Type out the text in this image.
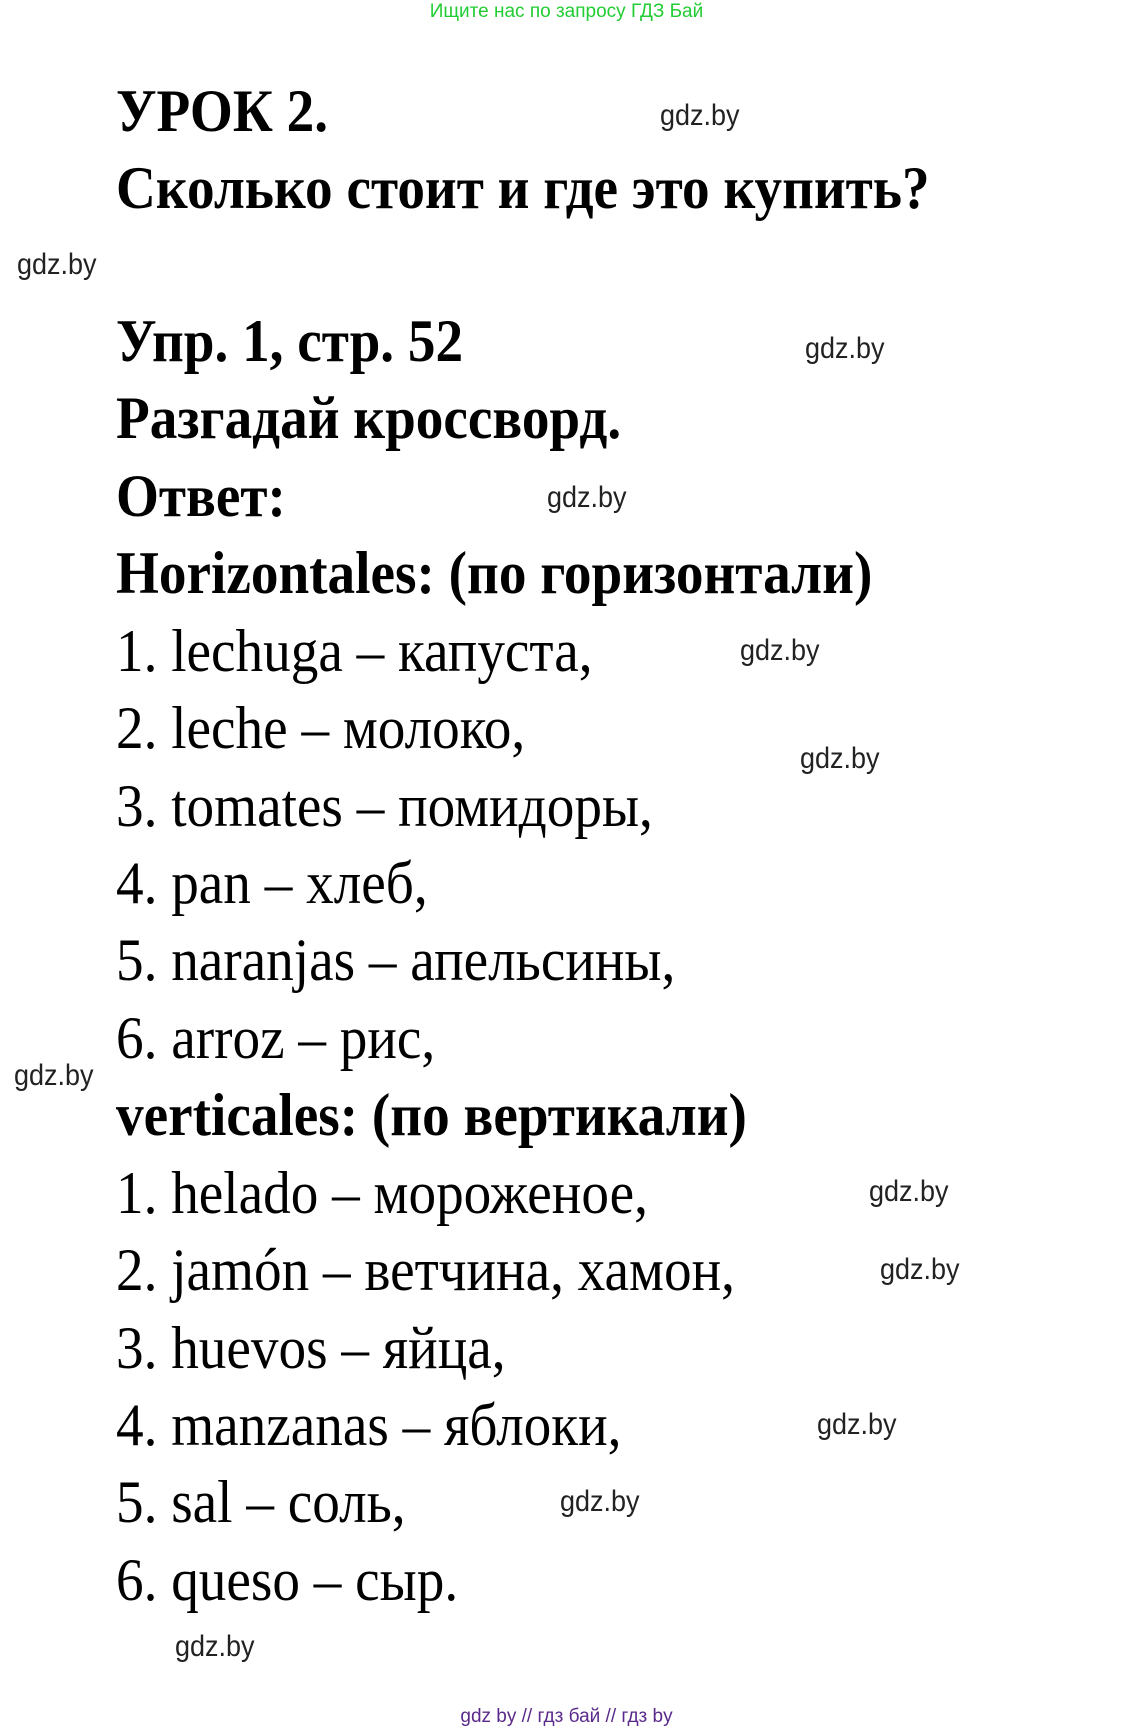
Ищите нас по запросу ГДЗ Бай
УРОК 2.
Сколько стоит и где это купить?
Упр. 1, стр. 52
Разгадай кроссворд.
Ответ:
Horizontales: (по горизонтали)
1. lechuga – капуста,
2. leche – молоко,
3. tomates – помидоры,
4. pan – хлеб,
5. naranjas – апельсины,
6. arroz – рис,
verticales: (по вертикали)
1. helado – мороженое,
2. jamón – ветчина, хамон,
3. huevos – яйца,
4. manzanas – яблоки,
5. sal – соль,
6. queso – сыр.
gdz.by
gdz.by
gdz.by
gdz.by
gdz.by
gdz.by
gdz.by
gdz.by
gdz.by
gdz.by
gdz.by
gdz.by
gdz by // гдз бай // гдз by
